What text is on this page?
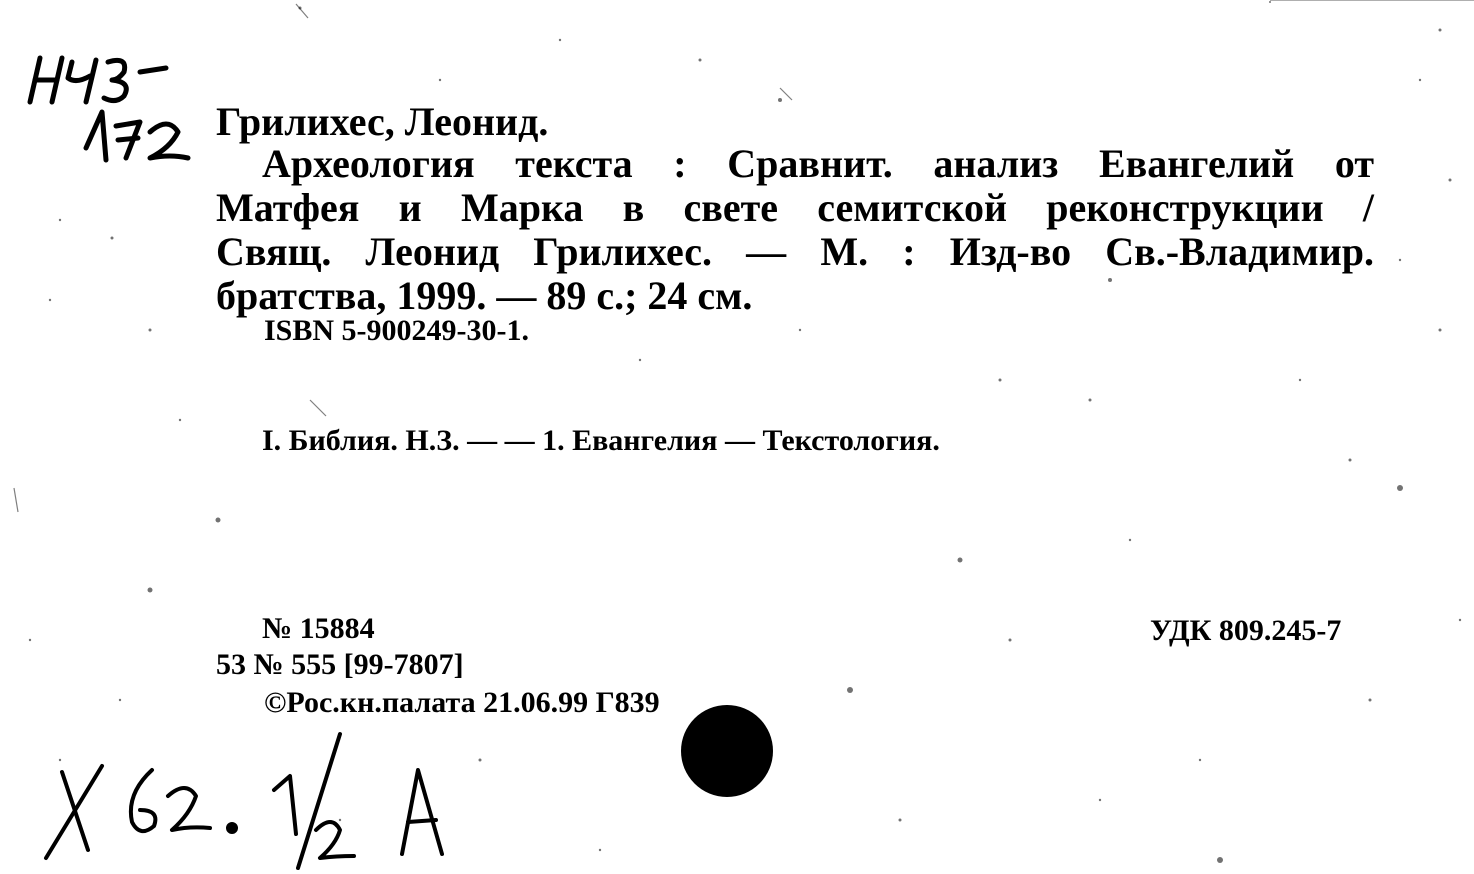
Грилихес, Леонид.
Археология текста : Сравнит. анализ Евангелий от
Матфея и Марка в свете семитской реконструкции /
Свящ. Леонид Грилихес. — М. : Изд-во Св.-Владимир.
братства, 1999. — 89 с.; 24 см.
ISBN 5-900249-30-1.
I. Библия. Н.З. — — 1. Евангелия — Текстология.
№ 15884
53 № 555 [99-7807]
©Рос.кн.палата 21.06.99 Г839
УДК 809.245-7
